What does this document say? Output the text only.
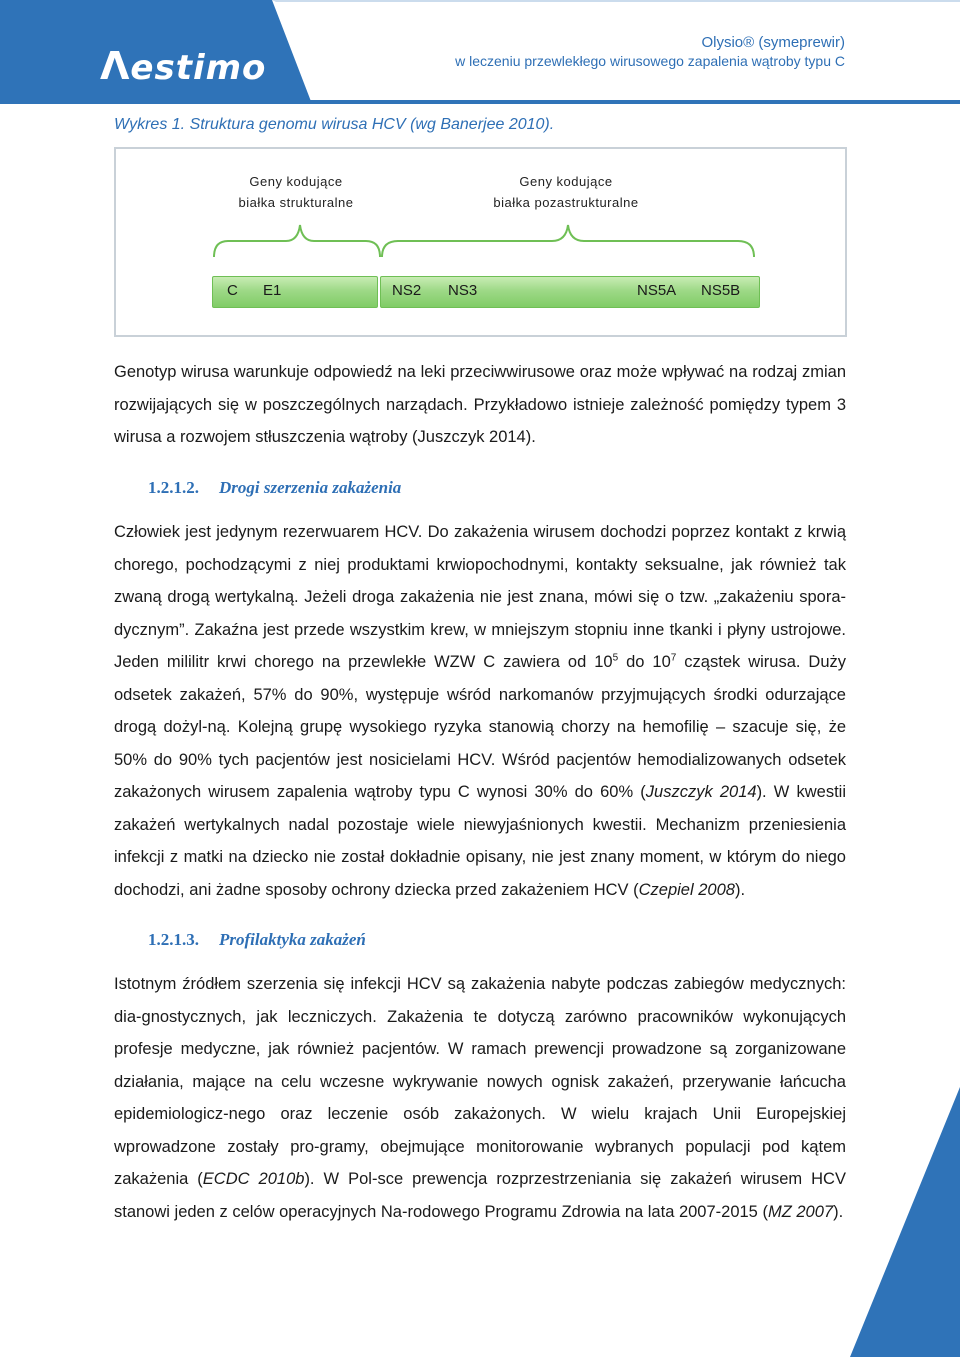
Λestimo
Olysio® (symeprewir)
w leczeniu przewlekłego wirusowego zapalenia wątroby typu C
Wykres 1. Struktura genomu wirusa HCV (wg Banerjee 2010).
Geny kodujące
białka strukturalne
Geny kodujące
białka pozastrukturalne
C E1	NS2 NS3	NS5A NS5B

Genotyp wirusa warunkuje odpowiedź na leki przeciwwirusowe oraz może wpływać na rodzaj zmian rozwijających się w poszczególnych narządach. Przykładowo istnieje zależność pomiędzy typem 3 wirusa a rozwojem stłuszczenia wątroby (Juszczyk 2014).

1.2.1.2. Drogi szerzenia zakażenia

Człowiek jest jedynym rezerwuarem HCV. Do zakażenia wirusem dochodzi poprzez kontakt z krwią chorego, pochodzącymi z niej produktami krwiopochodnymi, kontakty seksualne, jak również tak zwaną drogą wertykalną. Jeżeli droga zakażenia nie jest znana, mówi się o tzw. „zakażeniu spora-dycznym”. Zakaźna jest przede wszystkim krew, w mniejszym stopniu inne tkanki i płyny ustrojowe. Jeden mililitr krwi chorego na przewlekłe WZW C zawiera od $10^5$ do $10^7$ cząstek wirusa. Duży odsetek zakażeń, 57% do 90%, występuje wśród narkomanów przyjmujących środki odurzające drogą dożyl-ną. Kolejną grupę wysokiego ryzyka stanowią chorzy na hemofilię – szacuje się, że 50% do 90% tych pacjentów jest nosicielami HCV. Wśród pacjentów hemodializowanych odsetek zakażonych wirusem zapalenia wątroby typu C wynosi 30% do 60% (Juszczyk 2014). W kwestii zakażeń wertykalnych nadal pozostaje wiele niewyjaśnionych kwestii. Mechanizm przeniesienia infekcji z matki na dziecko nie został dokładnie opisany, nie jest znany moment, w którym do niego dochodzi, ani żadne sposoby ochrony dziecka przed zakażeniem HCV (Czepiel 2008).

1.2.1.3. Profilaktyka zakażeń

Istotnym źródłem szerzenia się infekcji HCV są zakażenia nabyte podczas zabiegów medycznych: dia-gnostycznych, jak leczniczych. Zakażenia te dotyczą zarówno pracowników wykonujących profesje medyczne, jak również pacjentów. W ramach prewencji prowadzone są zorganizowane działania, mające na celu wczesne wykrywanie nowych ognisk zakażeń, przerywanie łańcucha epidemiologicz-nego oraz leczenie osób zakażonych. W wielu krajach Unii Europejskiej wprowadzone zostały pro-gramy, obejmujące monitorowanie wybranych populacji pod kątem zakażenia (ECDC 2010b). W Pol-sce prewencja rozprzestrzeniania się zakażeń wirusem HCV stanowi jeden z celów operacyjnych Na-rodowego Programu Zdrowia na lata 2007-2015 (MZ 2007).

11
